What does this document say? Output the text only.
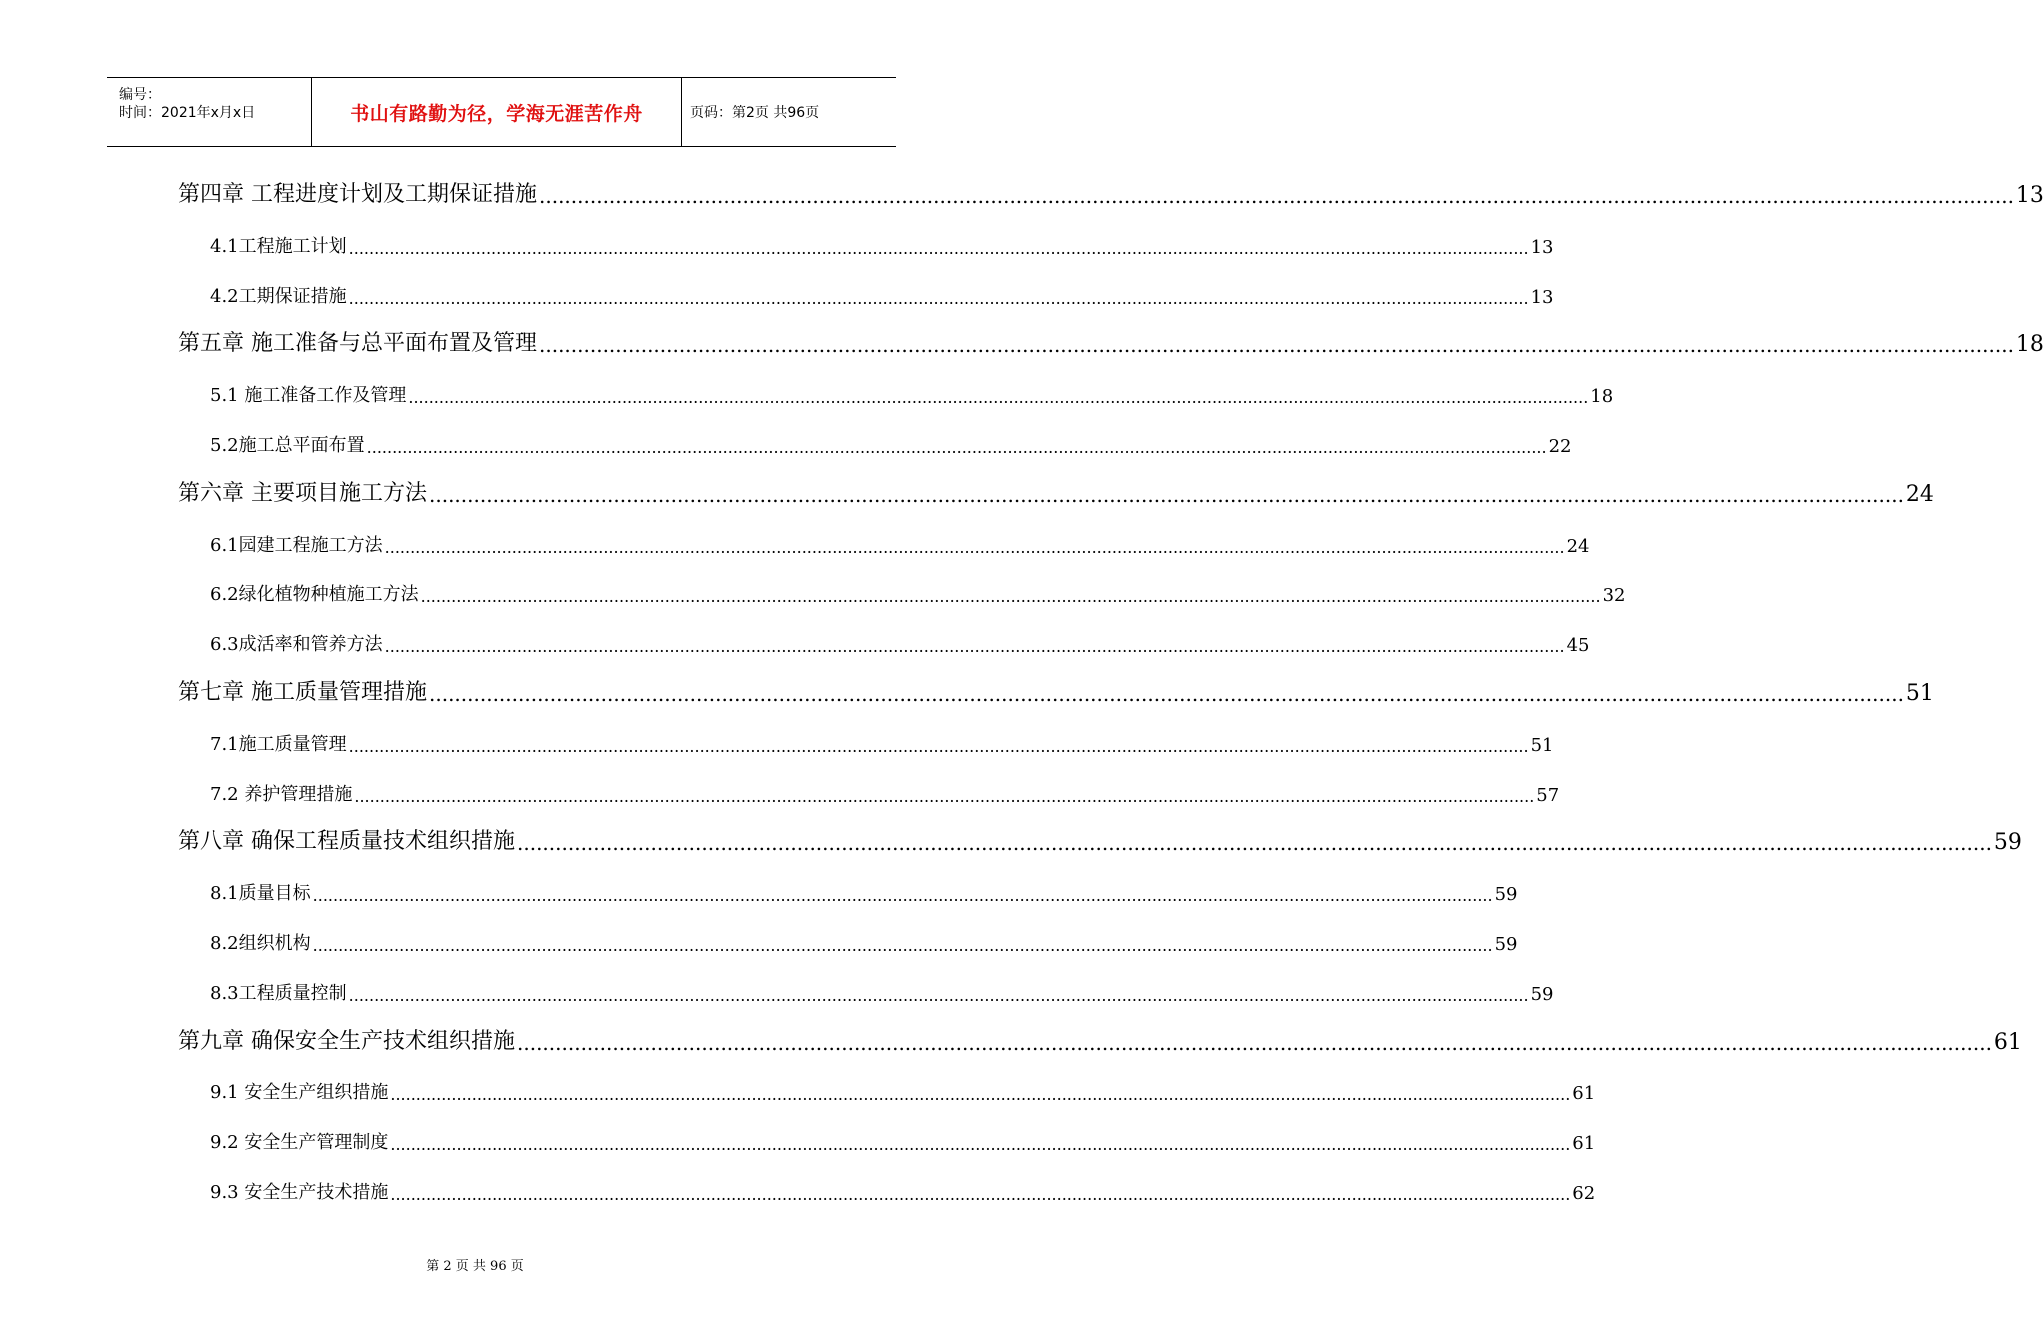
编号：
时间：2021年x月x日	书山有路勤为径，学海无涯苦作舟	页码：第2页 共96页
第四章 工程进度计划及工期保证措施 .....	13
4.1工程施工计划 .....	13
4.2工期保证措施 .....	13
第五章 施工准备与总平面布置及管理 .....	18
5.1 施工准备工作及管理 .....	18
5.2施工总平面布置 .....	22
第六章 主要项目施工方法 .....	24
6.1园建工程施工方法 .....	24
6.2绿化植物种植施工方法 .....	32
6.3成活率和管养方法 .....	45
第七章 施工质量管理措施 .....	51
7.1施工质量管理 .....	51
7.2 养护管理措施 .....	57
第八章 确保工程质量技术组织措施 .....	59
8.1质量目标 .....	59
8.2组织机构 .....	59
8.3工程质量控制 .....	59
第九章 确保安全生产技术组织措施 .....	61
9.1 安全生产组织措施 .....	61
9.2 安全生产管理制度 .....	61
9.3 安全生产技术措施 .....	62
第 2 页 共 96 页
